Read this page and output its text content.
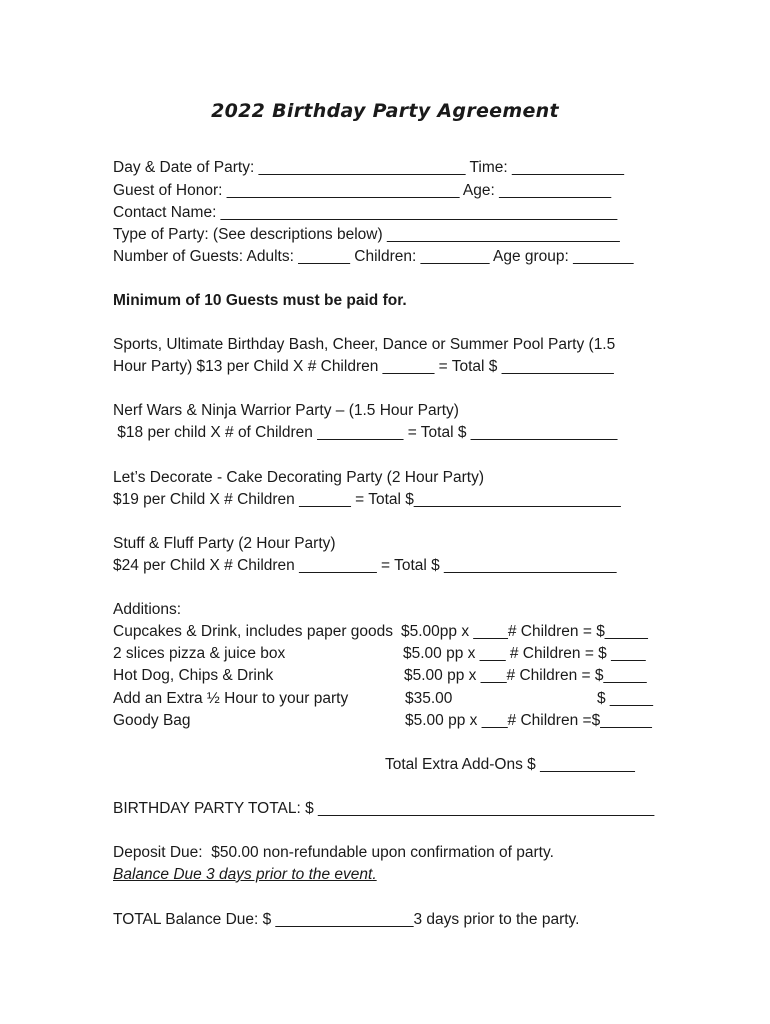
2022 Birthday Party Agreement
Day & Date of Party: ________________________ Time: _____________
Guest of Honor: ___________________________ Age: _____________
Contact Name: ______________________________________________
Type of Party: (See descriptions below) ___________________________
Number of Guests: Adults: ______ Children: ________ Age group: _______
Minimum of 10 Guests must be paid for.
Sports, Ultimate Birthday Bash, Cheer, Dance or Summer Pool Party (1.5
Hour Party) $13 per Child X # Children ______ = Total $ _____________
Nerf Wars & Ninja Warrior Party – (1.5 Hour Party)
$18 per child X # of Children __________ = Total $ _________________
Let’s Decorate - Cake Decorating Party (2 Hour Party)
$19 per Child X # Children ______ = Total $________________________
Stuff & Fluff Party (2 Hour Party)
$24 per Child X # Children _________ = Total $ ____________________
Additions:
Cupcakes & Drink, includes paper goods $5.00pp x ____# Children = $_____
2 slices pizza & juice box	$5.00 pp x ___ # Children = $ ____
Hot Dog, Chips & Drink	$5.00 pp x ___# Children = $_____
Add an Extra ½ Hour to your party	$35.00	$ _____
Goody Bag	$5.00 pp x ___# Children =$______
Total Extra Add-Ons $ ___________
BIRTHDAY PARTY TOTAL: $ _______________________________________
Deposit Due:  $50.00 non-refundable upon confirmation of party.
Balance Due 3 days prior to the event.
TOTAL Balance Due: $ ________________3 days prior to the party.
